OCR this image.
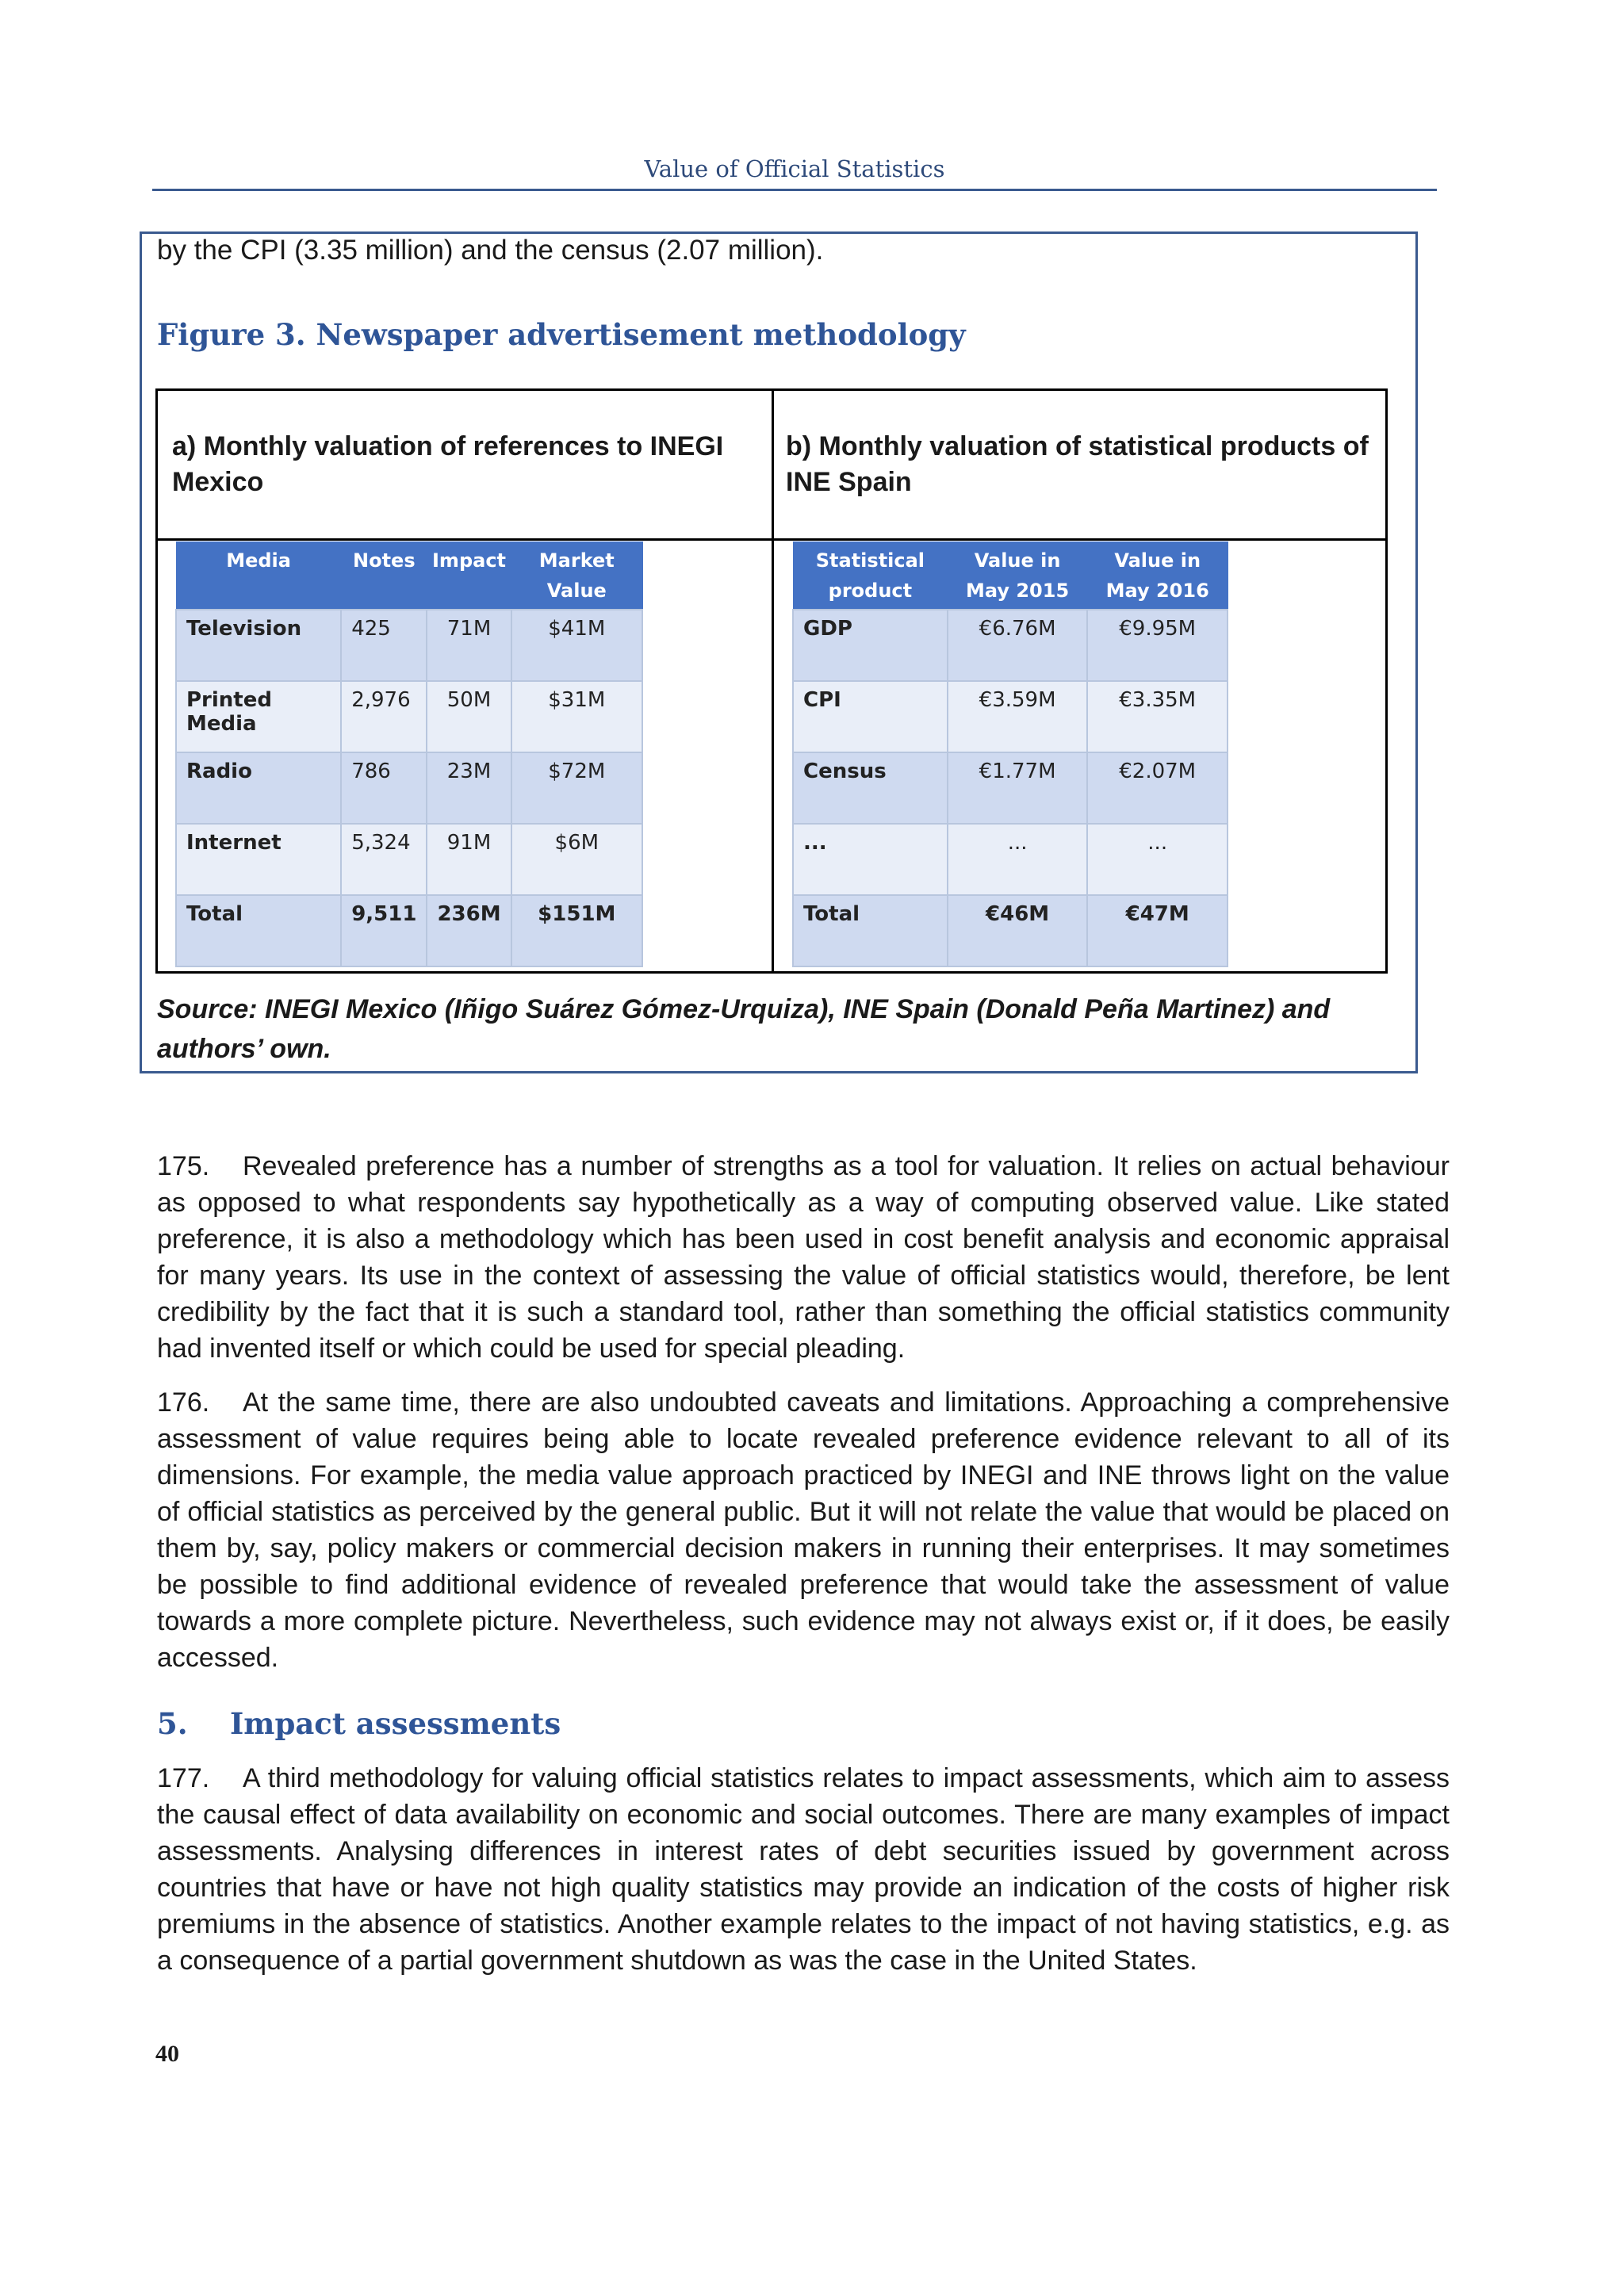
Value of Official Statistics
by the CPI (3.35 million) and the census (2.07 million).
Figure 3. Newspaper advertisement methodology
a) Monthly valuation of references to INEGI Mexico
b) Monthly valuation of statistical products of INE Spain
Media	Notes	Impact	Market Value
Television	425	71M	$41M
Printed Media	2,976	50M	$31M
Radio	786	23M	$72M
Internet	5,324	91M	$6M
Total	9,511	236M	$151M
Statistical product	Value in May 2015	Value in May 2016
GDP	€6.76M	€9.95M
CPI	€3.59M	€3.35M
Census	€1.77M	€2.07M
...	...	...
Total	€46M	€47M
Source: INEGI Mexico (Iñigo Suárez Gómez-Urquiza), INE Spain (Donald Peña Martinez) and authors’ own.

175. Revealed preference has a number of strengths as a tool for valuation. It relies on actual behaviour as opposed to what respondents say hypothetically as a way of computing observed value. Like stated preference, it is also a methodology which has been used in cost benefit analysis and economic appraisal for many years. Its use in the context of assessing the value of official statistics would, therefore, be lent credibility by the fact that it is such a standard tool, rather than something the official statistics community had invented itself or which could be used for special pleading.

176. At the same time, there are also undoubted caveats and limitations. Approaching a comprehensive assessment of value requires being able to locate revealed preference evidence relevant to all of its dimensions. For example, the media value approach practiced by INEGI and INE throws light on the value of official statistics as perceived by the general public. But it will not relate the value that would be placed on them by, say, policy makers or commercial decision makers in running their enterprises. It may sometimes be possible to find additional evidence of revealed preference that would take the assessment of value towards a more complete picture. Nevertheless, such evidence may not always exist or, if it does, be easily accessed.

5. Impact assessments

177. A third methodology for valuing official statistics relates to impact assessments, which aim to assess the causal effect of data availability on economic and social outcomes. There are many examples of impact assessments. Analysing differences in interest rates of debt securities issued by government across countries that have or have not high quality statistics may provide an indication of the costs of higher risk premiums in the absence of statistics. Another example relates to the impact of not having statistics, e.g. as a consequence of a partial government shutdown as was the case in the United States.

40
